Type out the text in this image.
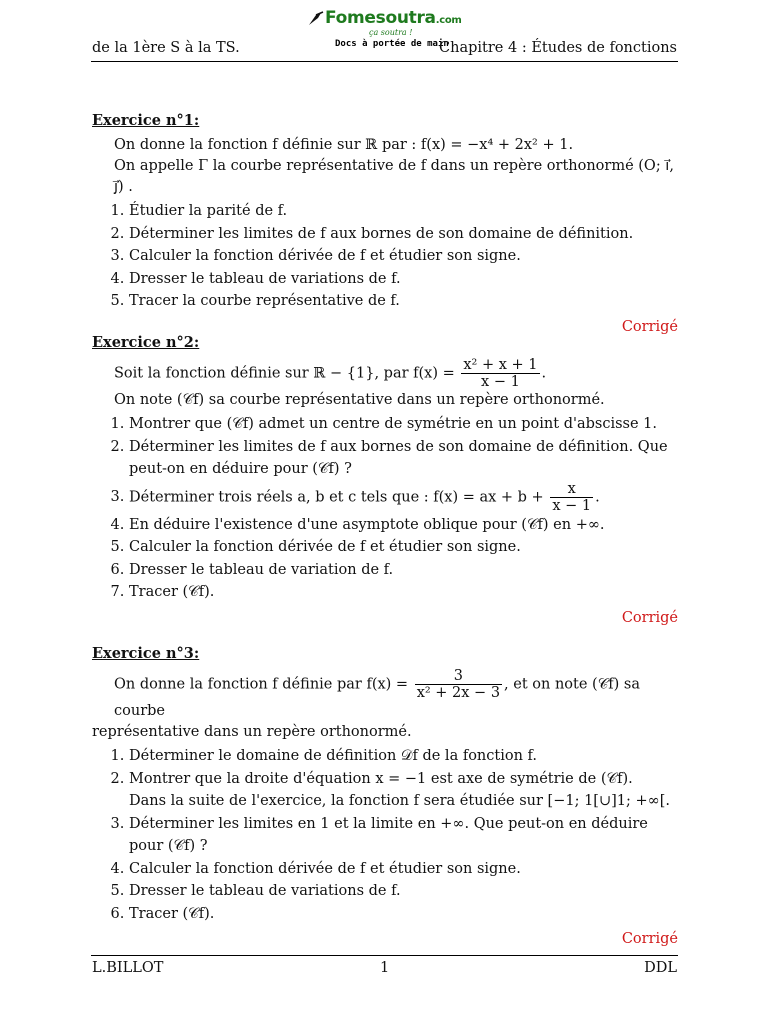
Fomesoutra.com
ça soutra !
Docs à portée de main
de la 1ère S à la TS.	Chapitre 4 : Études de fonctions
Exercice n°1:

On donne la fonction f définie sur ℝ par : f(x) = −x⁴ + 2x² + 1.

On appelle Γ la courbe représentative de f dans un repère orthonormé (O; ı⃗, ȷ⃗) .

1. Étudier la parité de f.
2. Déterminer les limites de f aux bornes de son domaine de définition.
3. Calculer la fonction dérivée de f et étudier son signe.
4. Dresser le tableau de variations de f.
5. Tracer la courbe représentative de f.
Corrigé
Exercice n°2:

Soit la fonction définie sur ℝ − {1}, par $f(x) = \frac{\text{x² + x + 1}}{x - 1}$ .

On note (𝒞f) sa courbe représentative dans un repère orthonormé.

1. Montrer que (𝒞f) admet un centre de symétrie en un point d'abscisse 1.
2. Déterminer les limites de f aux bornes de son domaine de définition. Que peut-on en déduire pour (𝒞f) ?
3. Déterminer trois réels a, b et c tels que : f(x) = ax + $b + \frac{x}{x - 1}$ .
4. En déduire l'existence d'une asymptote oblique pour (𝒞f) en +∞.
5. Calculer la fonction dérivée de f et étudier son signe.
6. Dresser le tableau de variation de f.
7. Tracer (𝒞f).
Corrigé
Exercice n°3:

On donne la fonction f définie par $f(x) = \frac{3}{\text{x² + 2x − 3}}$ , et on note (𝒞f) sa courbe

représentative dans un repère orthonormé.

1. Déterminer le domaine de définition 𝒟f de la fonction f.
2. Montrer que la droite d'équation x = −1 est axe de symétrie de (𝒞f).
Dans la suite de l'exercice, la fonction f sera étudiée sur [−1; 1[∪]1; +∞[.
3. Déterminer les limites en 1 et la limite en +∞. Que peut-on en déduire pour (𝒞f) ?
4. Calculer la fonction dérivée de f et étudier son signe.
5. Dresser le tableau de variations de f.
6. Tracer (𝒞f).
Corrigé
L.BILLOT	1	DDL
